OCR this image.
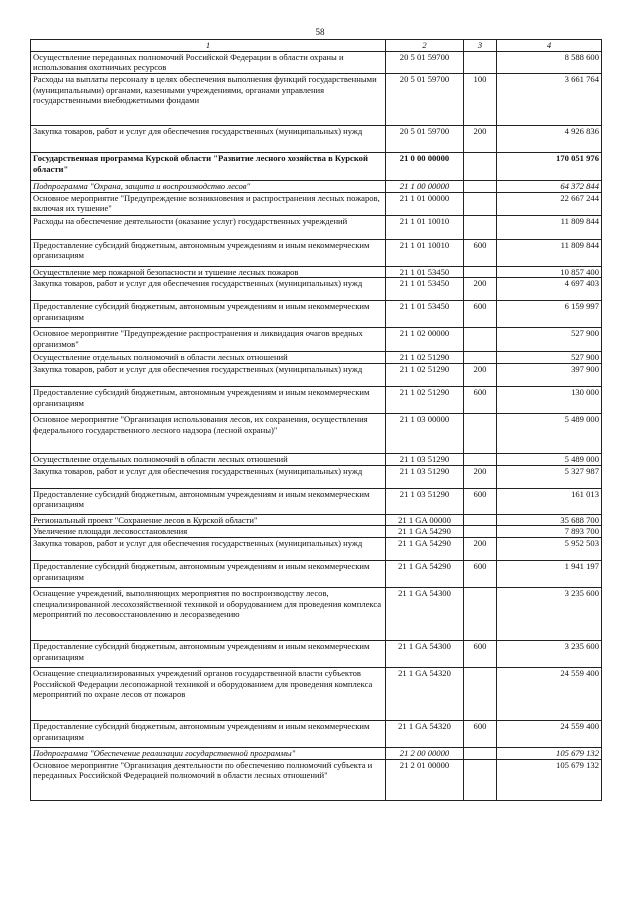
58
1	2	3	4
Осуществление переданных полномочий Российской Федерации в области охраны и использования охотничьих ресурсов	20 5 01 59700		8 588 600
Расходы на выплаты персоналу в целях обеспечения выполнения функций государственными (муниципальными) органами, казенными учреждениями, органами управления государственными внебюджетными фондами	20 5 01 59700	100	3 661 764
Закупка товаров, работ и услуг для обеспечения государственных (муниципальных) нужд	20 5 01 59700	200	4 926 836
Государственная программа Курской области "Развитие лесного хозяйства в Курской области"	21 0 00 00000		170 051 976
Подпрограмма "Охрана, защита и воспроизводство лесов"	21 1 00 00000		64 372 844
Основное мероприятие "Предупреждение возникновения и распространения лесных пожаров, включая их тушение"	21 1 01 00000		22 667 244
Расходы на обеспечение деятельности (оказание услуг) государственных учреждений	21 1 01 10010		11 809 844
Предоставление субсидий бюджетным, автономным учреждениям и иным некоммерческим организациям	21 1 01 10010	600	11 809 844
Осуществление мер пожарной безопасности и тушение лесных пожаров	21 1 01 53450		10 857 400
Закупка товаров, работ и услуг для обеспечения государственных (муниципальных) нужд	21 1 01 53450	200	4 697 403
Предоставление субсидий бюджетным, автономным учреждениям и иным некоммерческим организациям	21 1 01 53450	600	6 159 997
Основное мероприятие "Предупреждение распространения и ликвидация очагов вредных организмов"	21 1 02 00000		527 900
Осуществление отдельных полномочий в области лесных отношений	21 1 02 51290		527 900
Закупка товаров, работ и услуг для обеспечения государственных (муниципальных) нужд	21 1 02 51290	200	397 900
Предоставление субсидий бюджетным, автономным учреждениям и иным некоммерческим организациям	21 1 02 51290	600	130 000
Основное мероприятие "Организация использования лесов, их сохранения, осуществления федерального государственного лесного надзора (лесной охраны)"	21 1 03 00000		5 489 000
Осуществление отдельных полномочий в области лесных отношений	21 1 03 51290		5 489 000
Закупка товаров, работ и услуг для обеспечения государственных (муниципальных) нужд	21 1 03 51290	200	5 327 987
Предоставление субсидий бюджетным, автономным учреждениям и иным некоммерческим организациям	21 1 03 51290	600	161 013
Региональный проект "Сохранение лесов в Курской области"	21 1 GA 00000		35 688 700
Увеличение площади лесовосстановления	21 1 GA 54290		7 893 700
Закупка товаров, работ и услуг для обеспечения государственных (муниципальных) нужд	21 1 GA 54290	200	5 952 503
Предоставление субсидий бюджетным, автономным учреждениям и иным некоммерческим организациям	21 1 GA 54290	600	1 941 197
Оснащение учреждений, выполняющих мероприятия по воспроизводству лесов, специализированной лесохозяйственной техникой и оборудованием для проведения комплекса мероприятий по лесовосстановлению и лесоразведению	21 1 GA 54300		3 235 600
Предоставление субсидий бюджетным, автономным учреждениям и иным некоммерческим организациям	21 1 GA 54300	600	3 235 600
Оснащение специализированных учреждений органов государственной власти субъектов Российской Федерации лесопожарной техникой и оборудованием для проведения комплекса мероприятий по охране лесов от пожаров	21 1 GA 54320		24 559 400
Предоставление субсидий бюджетным, автономным учреждениям и иным некоммерческим организациям	21 1 GA 54320	600	24 559 400
Подпрограмма "Обеспечение реализации государственной программы"	21 2 00 00000		105 679 132
Основное мероприятие "Организация деятельности по обеспечению полномочий субъекта и переданных Российской Федерацией полномочий в области лесных отношений"	21 2 01 00000		105 679 132
